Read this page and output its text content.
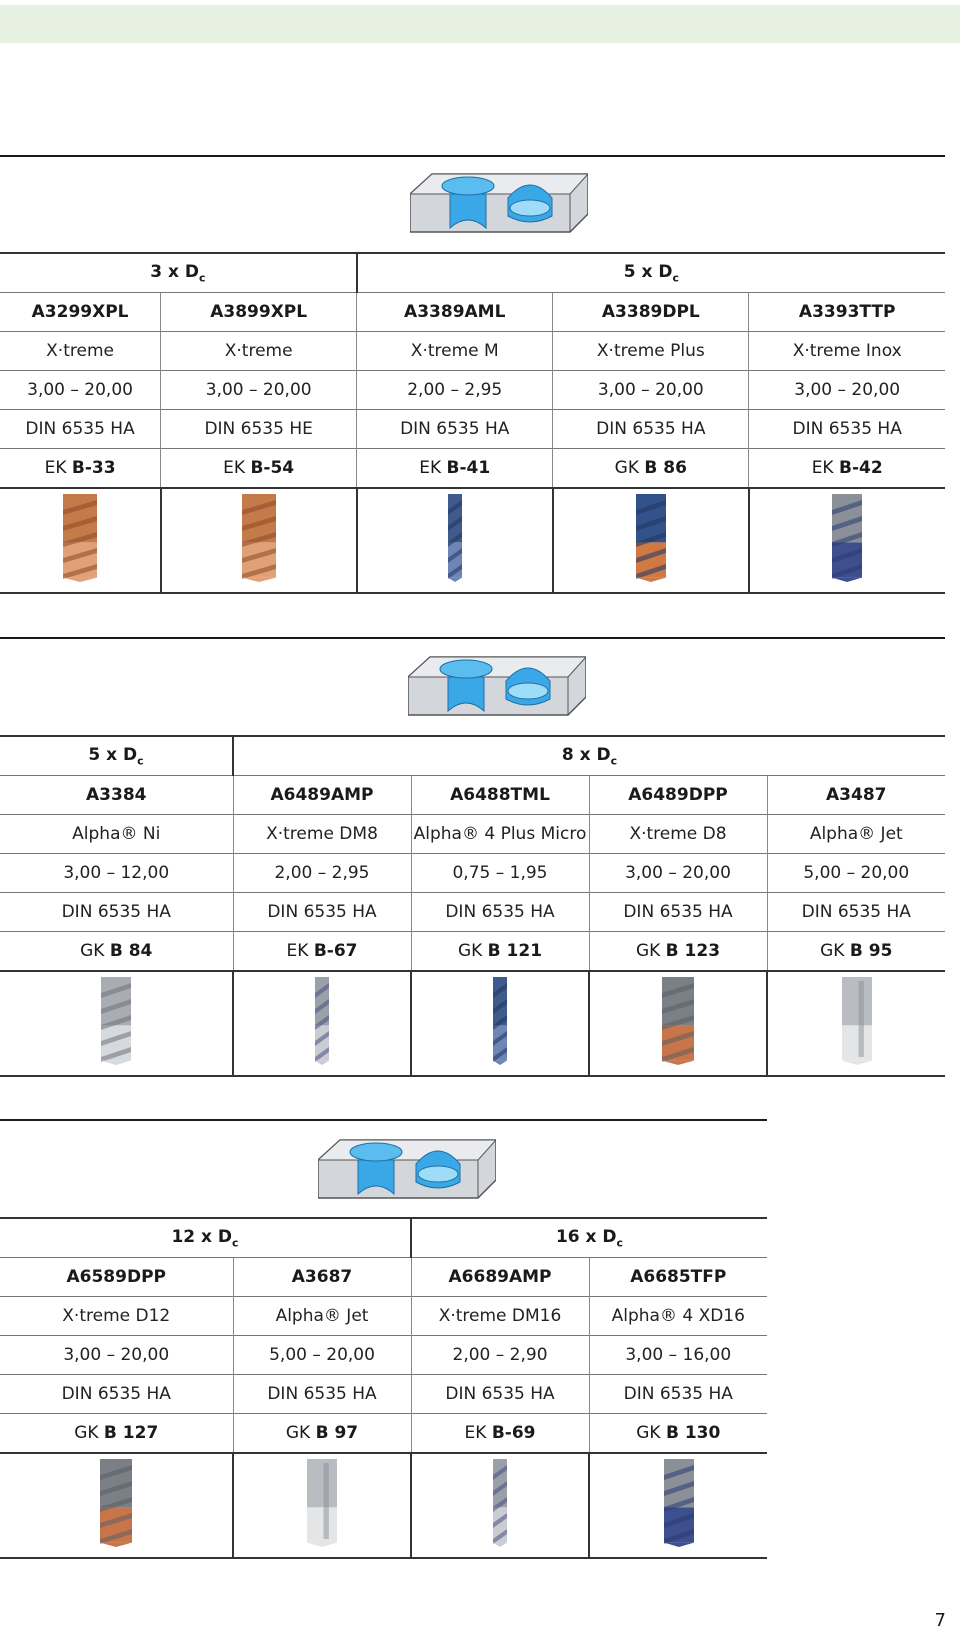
3 x $D_c$		5 x $D_c$
A3299XPL	A3899XPL	A3389AML	A3389DPL	A3393TTP
X·treme	X·treme	X·treme M	X·treme Plus	X·treme Inox
3,00 – 20,00	3,00 – 20,00	2,00 – 2,95	3,00 – 20,00	3,00 – 20,00
DIN 6535 HA	DIN 6535 HE	DIN 6535 HA	DIN 6535 HA	DIN 6535 HA
EK B-33	EK B-54	EK B-41	GK B 86	EK B-42

5 x $D_c$	8 x $D_c$
A3384	A6489AMP	A6488TML	A6489DPP	A3487
Alpha® Ni	X·treme DM8	Alpha® 4 Plus Micro	X·treme D8	Alpha® Jet
3,00 – 12,00	2,00 – 2,95	0,75 – 1,95	3,00 – 20,00	5,00 – 20,00
DIN 6535 HA	DIN 6535 HA	DIN 6535 HA	DIN 6535 HA	DIN 6535 HA
GK B 84	EK B-67	GK B 121	GK B 123	GK B 95

12 x $D_c$		16 x $D_c$
A6589DPP	A3687	A6689AMP	A6685TFP
X·treme D12	Alpha® Jet	X·treme DM16	Alpha® 4 XD16
3,00 – 20,00	5,00 – 20,00	2,00 – 2,90	3,00 – 16,00
DIN 6535 HA	DIN 6535 HA	DIN 6535 HA	DIN 6535 HA
GK B 127	GK B 97	EK B-69	GK B 130

7
